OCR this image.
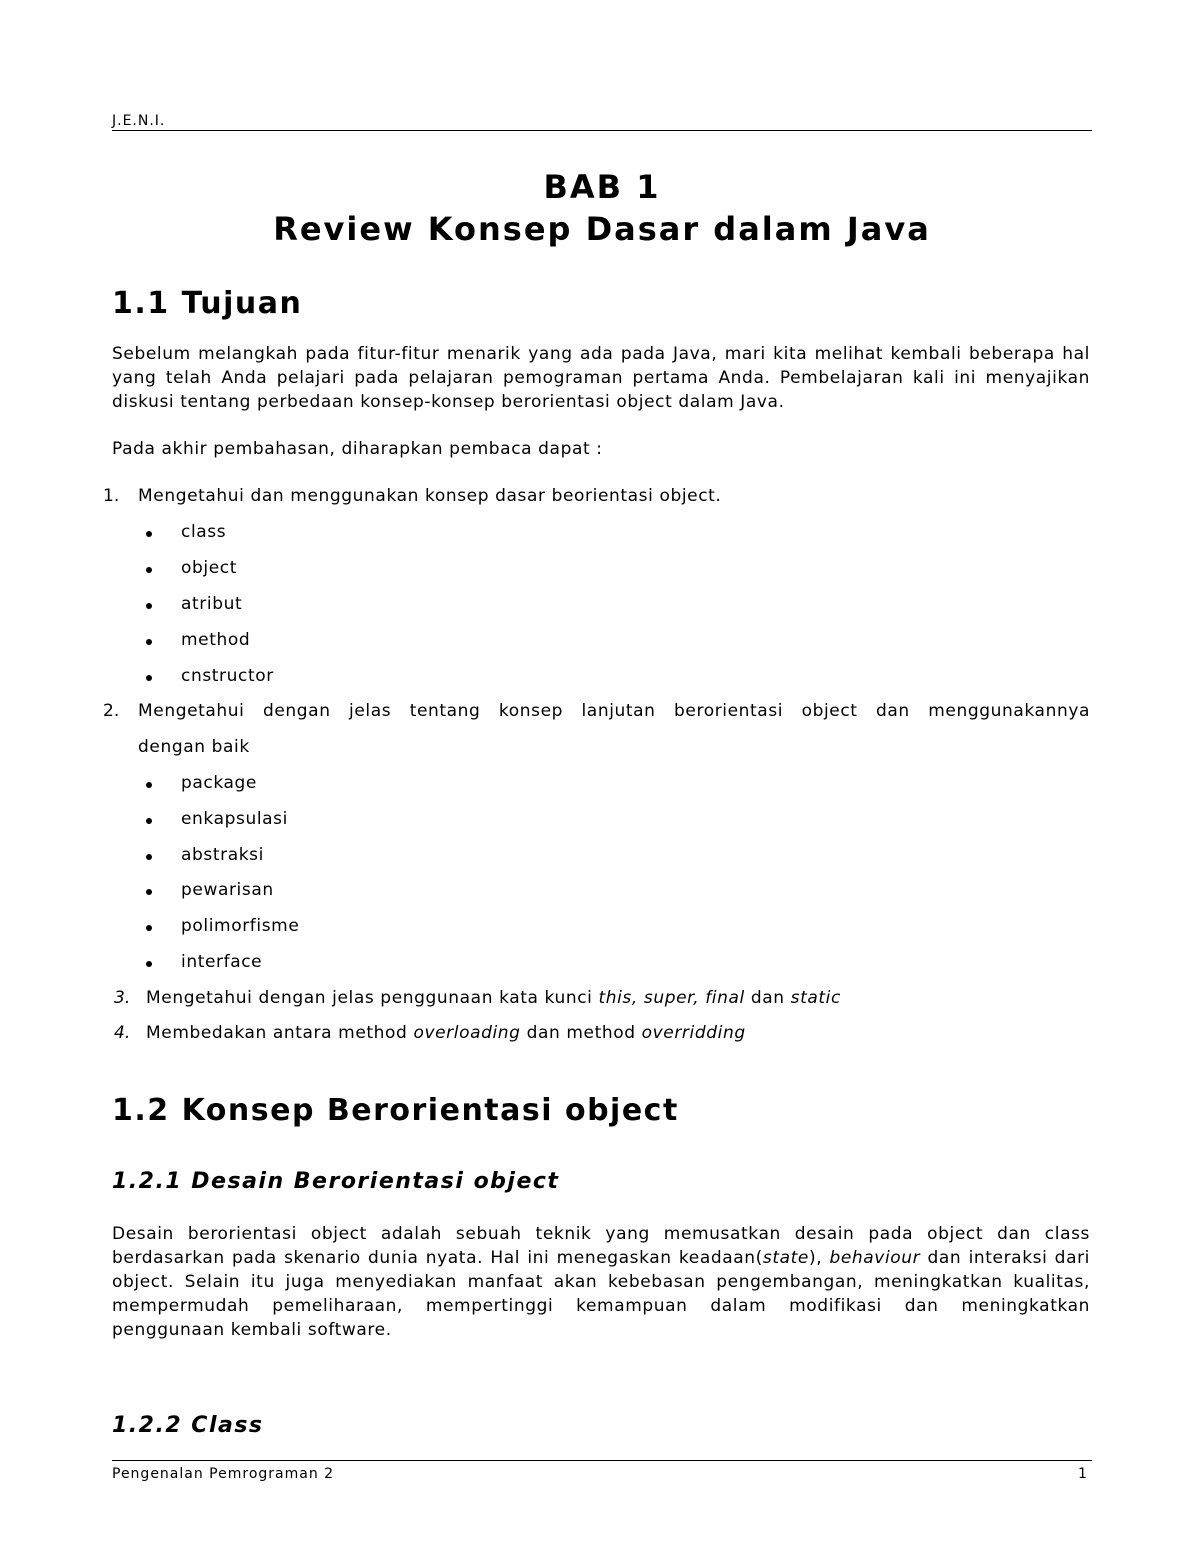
J.E.N.I.
BAB 1
Review Konsep Dasar dalam Java
1.1 Tujuan
Sebelum melangkah pada fitur-fitur menarik yang ada pada Java, mari kita melihat kembali beberapa hal yang telah Anda pelajari pada pelajaran pemograman pertama Anda. Pembelajaran kali ini menyajikan diskusi tentang perbedaan konsep-konsep berorientasi object dalam Java.
Pada akhir pembahasan, diharapkan pembaca dapat :
1. Mengetahui dan menggunakan konsep dasar beorientasi object.
class
object
atribut
method
cnstructor
2. Mengetahui dengan jelas tentang konsep lanjutan berorientasi object dan menggunakannya
dengan baik
package
enkapsulasi
abstraksi
pewarisan
polimorfisme
interface
3. Mengetahui dengan jelas penggunaan kata kunci this, super, final dan static
4. Membedakan antara method overloading dan method overridding
1.2 Konsep Berorientasi object
1.2.1 Desain Berorientasi object
Desain berorientasi object adalah sebuah teknik yang memusatkan desain pada object dan class berdasarkan pada skenario dunia nyata. Hal ini menegaskan keadaan(state), behaviour dan interaksi dari object. Selain itu juga menyediakan manfaat akan kebebasan pengembangan, meningkatkan kualitas, mempermudah pemeliharaan, mempertinggi kemampuan dalam modifikasi dan meningkatkan penggunaan kembali software.
1.2.2 Class
Pengenalan Pemrograman 2	1
